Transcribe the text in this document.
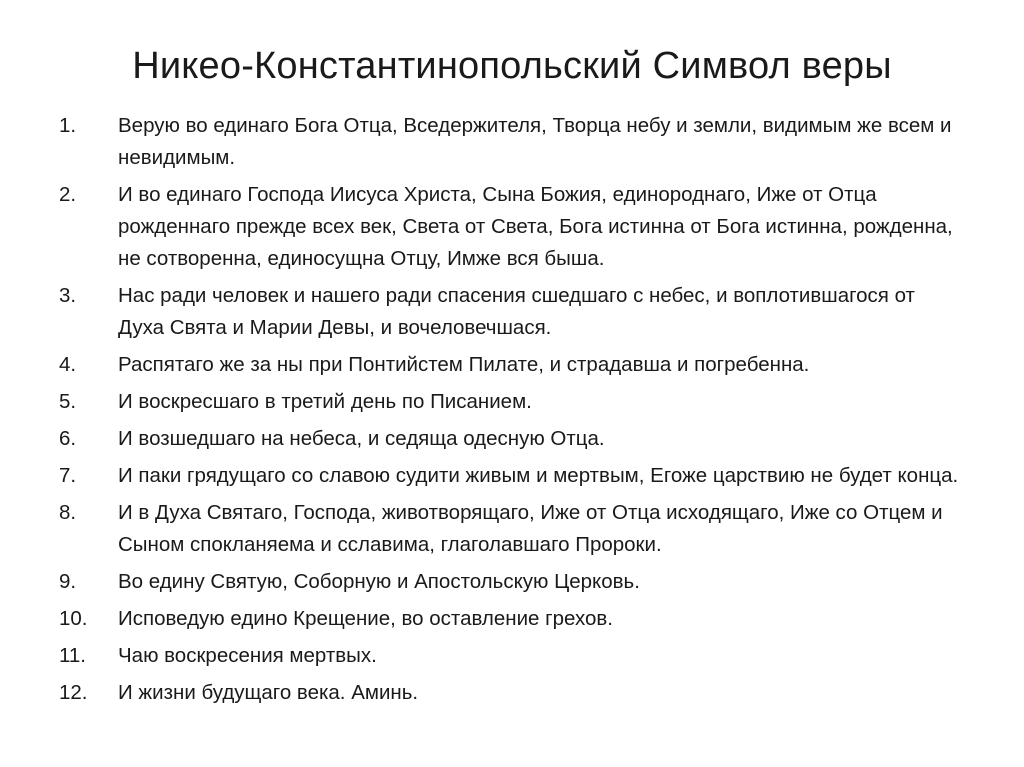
Никео-Константинопольский Символ веры
1.	Верую во единаго Бога Отца, Вседержителя, Творца небу и земли, видимым же всем и невидимым.
2.	И во единаго Господа Иисуса Христа, Сына Божия, единороднаго, Иже от Отца рожденнаго прежде всех век, Света от Света, Бога истинна от Бога истинна, рожденна, не сотворенна, единосущна Отцу, Имже вся быша.
3.	Нас ради человек и нашего ради спасения сшедшаго с небес, и воплотившагося от Духа Свята и Марии Девы, и вочеловечшася.
4.	Распятаго же за ны при Понтийстем Пилате, и страдавша и погребенна.
5.	И воскресшаго в третий день по Писанием.
6.	И возшедшаго на небеса, и седяща одесную Отца.
7.	И паки грядущаго со славою судити живым и мертвым, Егоже царствию не будет конца.
8.	И в Духа Святаго, Господа, животворящаго, Иже от Отца исходящаго, Иже со Отцем и Сыном спокланяема и сславима, глаголавшаго Пророки.
9.	Во едину Святую, Соборную и Апостольскую Церковь.
10.	Исповедую едино Крещение, во оставление грехов.
11.	Чаю воскресения мертвых.
12.	И жизни будущаго века. Аминь.
